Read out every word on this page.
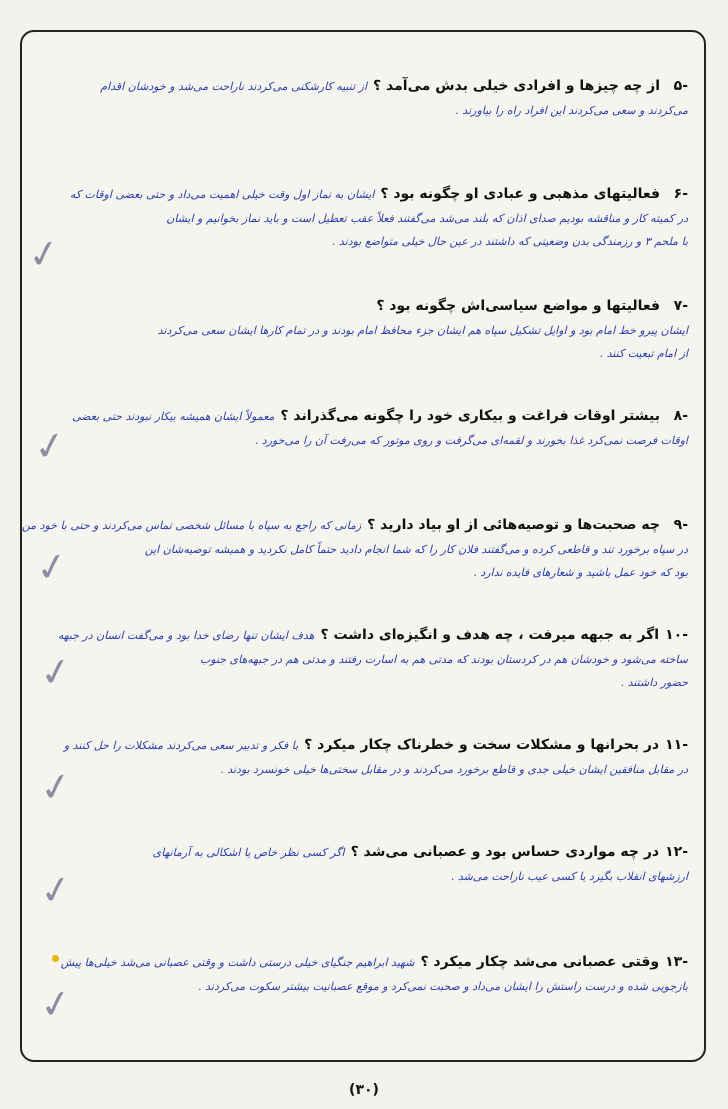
-۵
از چه چیزها و افرادی خیلی بدش می‌آمد ؟
از تنبیه کارشکنی می‌کردند ناراحت می‌شد و خودشان اقدام
می‌کردند و سعی می‌کردند این افراد راه را بیاورند .
-۶
فعالیتهای مذهبی و عبادی او چگونه بود ؟
ایشان به نماز اول وقت خیلی اهمیت می‌داد و حتی بعضی اوقات که
در کمیته کار و مناقشه بودیم صدای اذان که بلند می‌شد می‌گفتند فعلاً عقب تعطیل است و باید نماز بخوانیم و ایشان
با ملحم ۳ و رزمندگی بدن وضعیتی که داشتند در عین حال خیلی متواضع بودند .
-۷
فعالیتها و مواضع سیاسی‌اش چگونه بود ؟
ایشان پیرو خط امام بود و اوایل تشکیل سپاه هم ایشان جزء محافظ امام بودند و در تمام کارها ایشان سعی می‌کردند
از امام تبعیت کنند .
-۸
بیشتر اوقات فراغت و بیکاری خود را چگونه می‌گذراند ؟
معمولاً ایشان همیشه بیکار نبودند حتی بعضی
اوقات فرصت نمی‌کرد غذا بخورند و لقمه‌ای می‌گرفت و روی موتور که می‌رفت آن را می‌خورد .
-۹
چه صحبت‌ها و توصیه‌هائی از او بیاد دارید ؟
زمانی که راجع به سپاه با مسائل شخصی تماس می‌کردند و حتی با خود من
در سپاه برخورد تند و قاطعی کرده و می‌گفتند فلان کار را که شما انجام دادید حتماً کامل نکردید و همیشه توصیه‌شان این
بود که خود عمل باشید و شعارهای فایده ندارد .
-۱۰
اگر به جبهه میرفت ، چه هدف و انگیزه‌ای داشت ؟
هدف ایشان تنها رضای خدا بود و می‌گفت انسان در جبهه
ساخته می‌شود و خودشان هم در کردستان بودند که مدتی هم به اسارت رفتند و مدتی هم در جبهه‌های جنوب
حضور داشتند .
-۱۱
در بحرانها و مشکلات سخت و خطرناک چکار میکرد ؟
با فکر و تدبیر سعی می‌کردند مشکلات را حل کنند و
در مقابل منافقین ایشان خیلی جدی و قاطع برخورد می‌کردند و در مقابل سختی‌ها خیلی خونسرد بودند .
-۱۲
در چه مواردی حساس بود و عصبانی می‌شد ؟
اگر کسی نظر خاص یا اشکالی به آرمانهای
ارزشهای انقلاب بگیرد یا کسی عیب ناراحت می‌شد .
-۱۳
وقتی عصبانی می‌شد چکار میکرد ؟
شهید ابراهیم جنگیای خیلی درستی داشت و وقتی عصبانی می‌شد خیلی‌ها پیش
بازجویی شده و درست راستش را ایشان می‌داد و صحبت نمی‌کرد و موقع عصبانیت بیشتر سکوت می‌کردند .
✓
✓
✓
✓
✓
✓
✓
(۳۰)
